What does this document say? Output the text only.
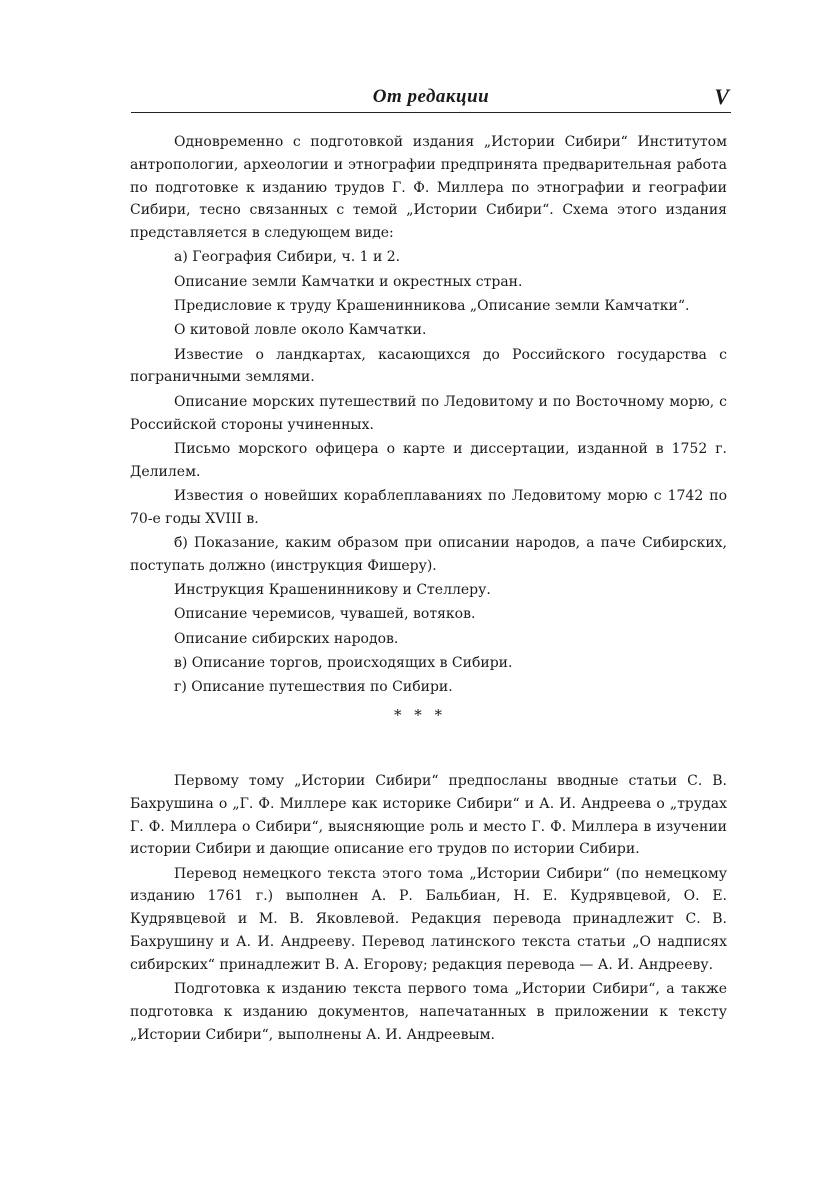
От редакции	V

Одновременно с подготовкой издания „Истории Сибири“ Институтом антропологии, археологии и этнографии предпринята предварительная работа по подготовке к изданию трудов Г. Ф. Миллера по этнографии и географии Сибири, тесно связанных с темой „Истории Сибири“. Схема этого издания представляется в следующем виде:

а) География Сибири, ч. 1 и 2.

Описание земли Камчатки и окрестных стран.

Предисловие к труду Крашенинникова „Описание земли Камчатки“.

О китовой ловле около Камчатки.

Известие о ландкартах, касающихся до Российского государства с пограничными землями.

Описание морских путешествий по Ледовитому и по Восточному морю, с Российской стороны учиненных.

Письмо морского офицера о карте и диссертации, изданной в 1752 г. Делилем.

Известия о новейших кораблеплаваниях по Ледовитому морю с 1742 по 70-е годы XVIII в.

б) Показание, каким образом при описании народов, а паче Сибирских, поступать должно (инструкция Фишеру).

Инструкция Крашенинникову и Стеллеру.

Описание черемисов, чувашей, вотяков.

Описание сибирских народов.

в) Описание торгов, происходящих в Сибири.

г) Описание путешествия по Сибири.

* * *

Первому тому „Истории Сибири“ предпосланы вводные статьи С. В. Бахрушина о „Г. Ф. Миллере как историке Сибири“ и А. И. Андреева о „трудах Г. Ф. Миллера о Сибири“, выясняющие роль и место Г. Ф. Миллера в изучении истории Сибири и дающие описание его трудов по истории Сибири.

Перевод немецкого текста этого тома „Истории Сибири“ (по немецкому изданию 1761 г.) выполнен А. Р. Бальбиан, Н. Е. Кудрявцевой, О. Е. Кудрявцевой и М. В. Яковлевой. Редакция перевода принадлежит С. В. Бахрушину и А. И. Андрееву. Перевод латинского текста статьи „О надписях сибирских“ принадлежит В. А. Егорову; редакция перевода — А. И. Андрееву.

Подготовка к изданию текста первого тома „Истории Сибири“, а также подготовка к изданию документов, напечатанных в приложении к тексту „Истории Сибири“, выполнены А. И. Андреевым.
